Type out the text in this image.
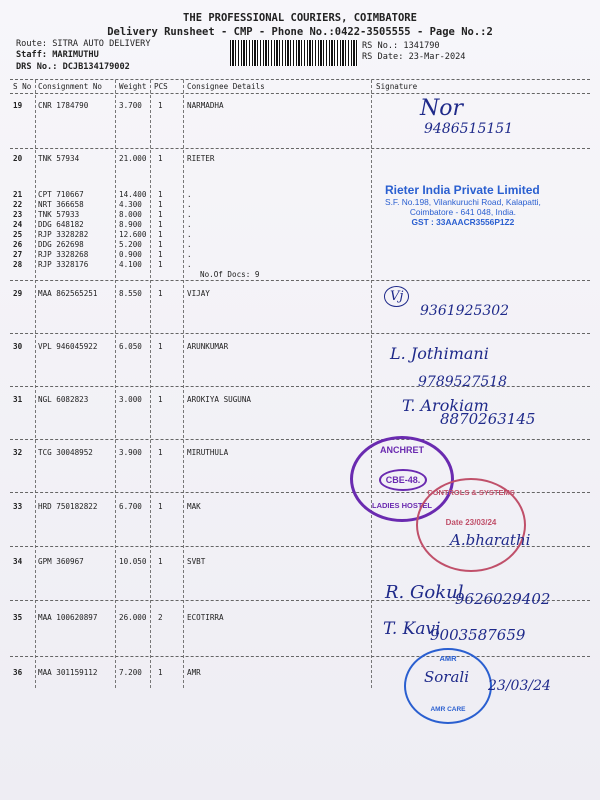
THE PROFESSIONAL COURIERS, COIMBATORE
Delivery Runsheet - CMP - Phone No.:0422-3505555 - Page No.:2
Route: SITRA AUTO DELIVERY
Staff: MARIMUTHU
DRS No.: DCJB134179002
RS No.: 1341790
RS Date: 23-Mar-2024
S No Consignment No Weight PCS	Consignee Details	Signature
19 CNR 1784790	3.700 1	NARMADHA
20 TNK 57934	21.000 1	RIETER
21 CPT 710667	14.400 1	.
22 NRT 366658	4.300 1	.
23 TNK 57933	8.000 1	.
24 DDG 648182	8.900 1	.
25 RJP 3328282	12.600 1	.
26 DDG 262698	5.200 1	.
27 RJP 3328268	0.900 1	.
28 RJP 3328176	4.100 1	.
No.Of Docs: 9
29 MAA 862565251	8.550 1	VIJAY
30 VPL 946045922	6.050 1	ARUNKUMAR
31 NGL 6082823	3.000 1	AROKIYA SUGUNA
32 TCG 30048952	3.900 1	MIRUTHULA
33 HRD 750182822	6.700 1	MAK
34 GPM 360967	10.050 1	SVBT
35 MAA 100620897	26.000 2	ECOTIRRA
36 MAA 301159112	7.200 1	AMR
Nor
9486515151
Rieter India Private Limited
S.F. No.198, Vilankuruchi Road, Kalapatti,
Coimbatore - 641 048, India.
GST : 33AAACR3556P1Z2
Vj
9361925302
L. Jothimani
9789527518
T. Arokiam
8870263145
ANCHRET
CBE-48.
LADIES HOSTEL
CONTROLS & SYSTEMS
Date 23/03/24
A.bharathi
R. Gokul
9626029402
T. Kavi
9003587659
AMR
AMR CARE
Sorali 23/03/24
